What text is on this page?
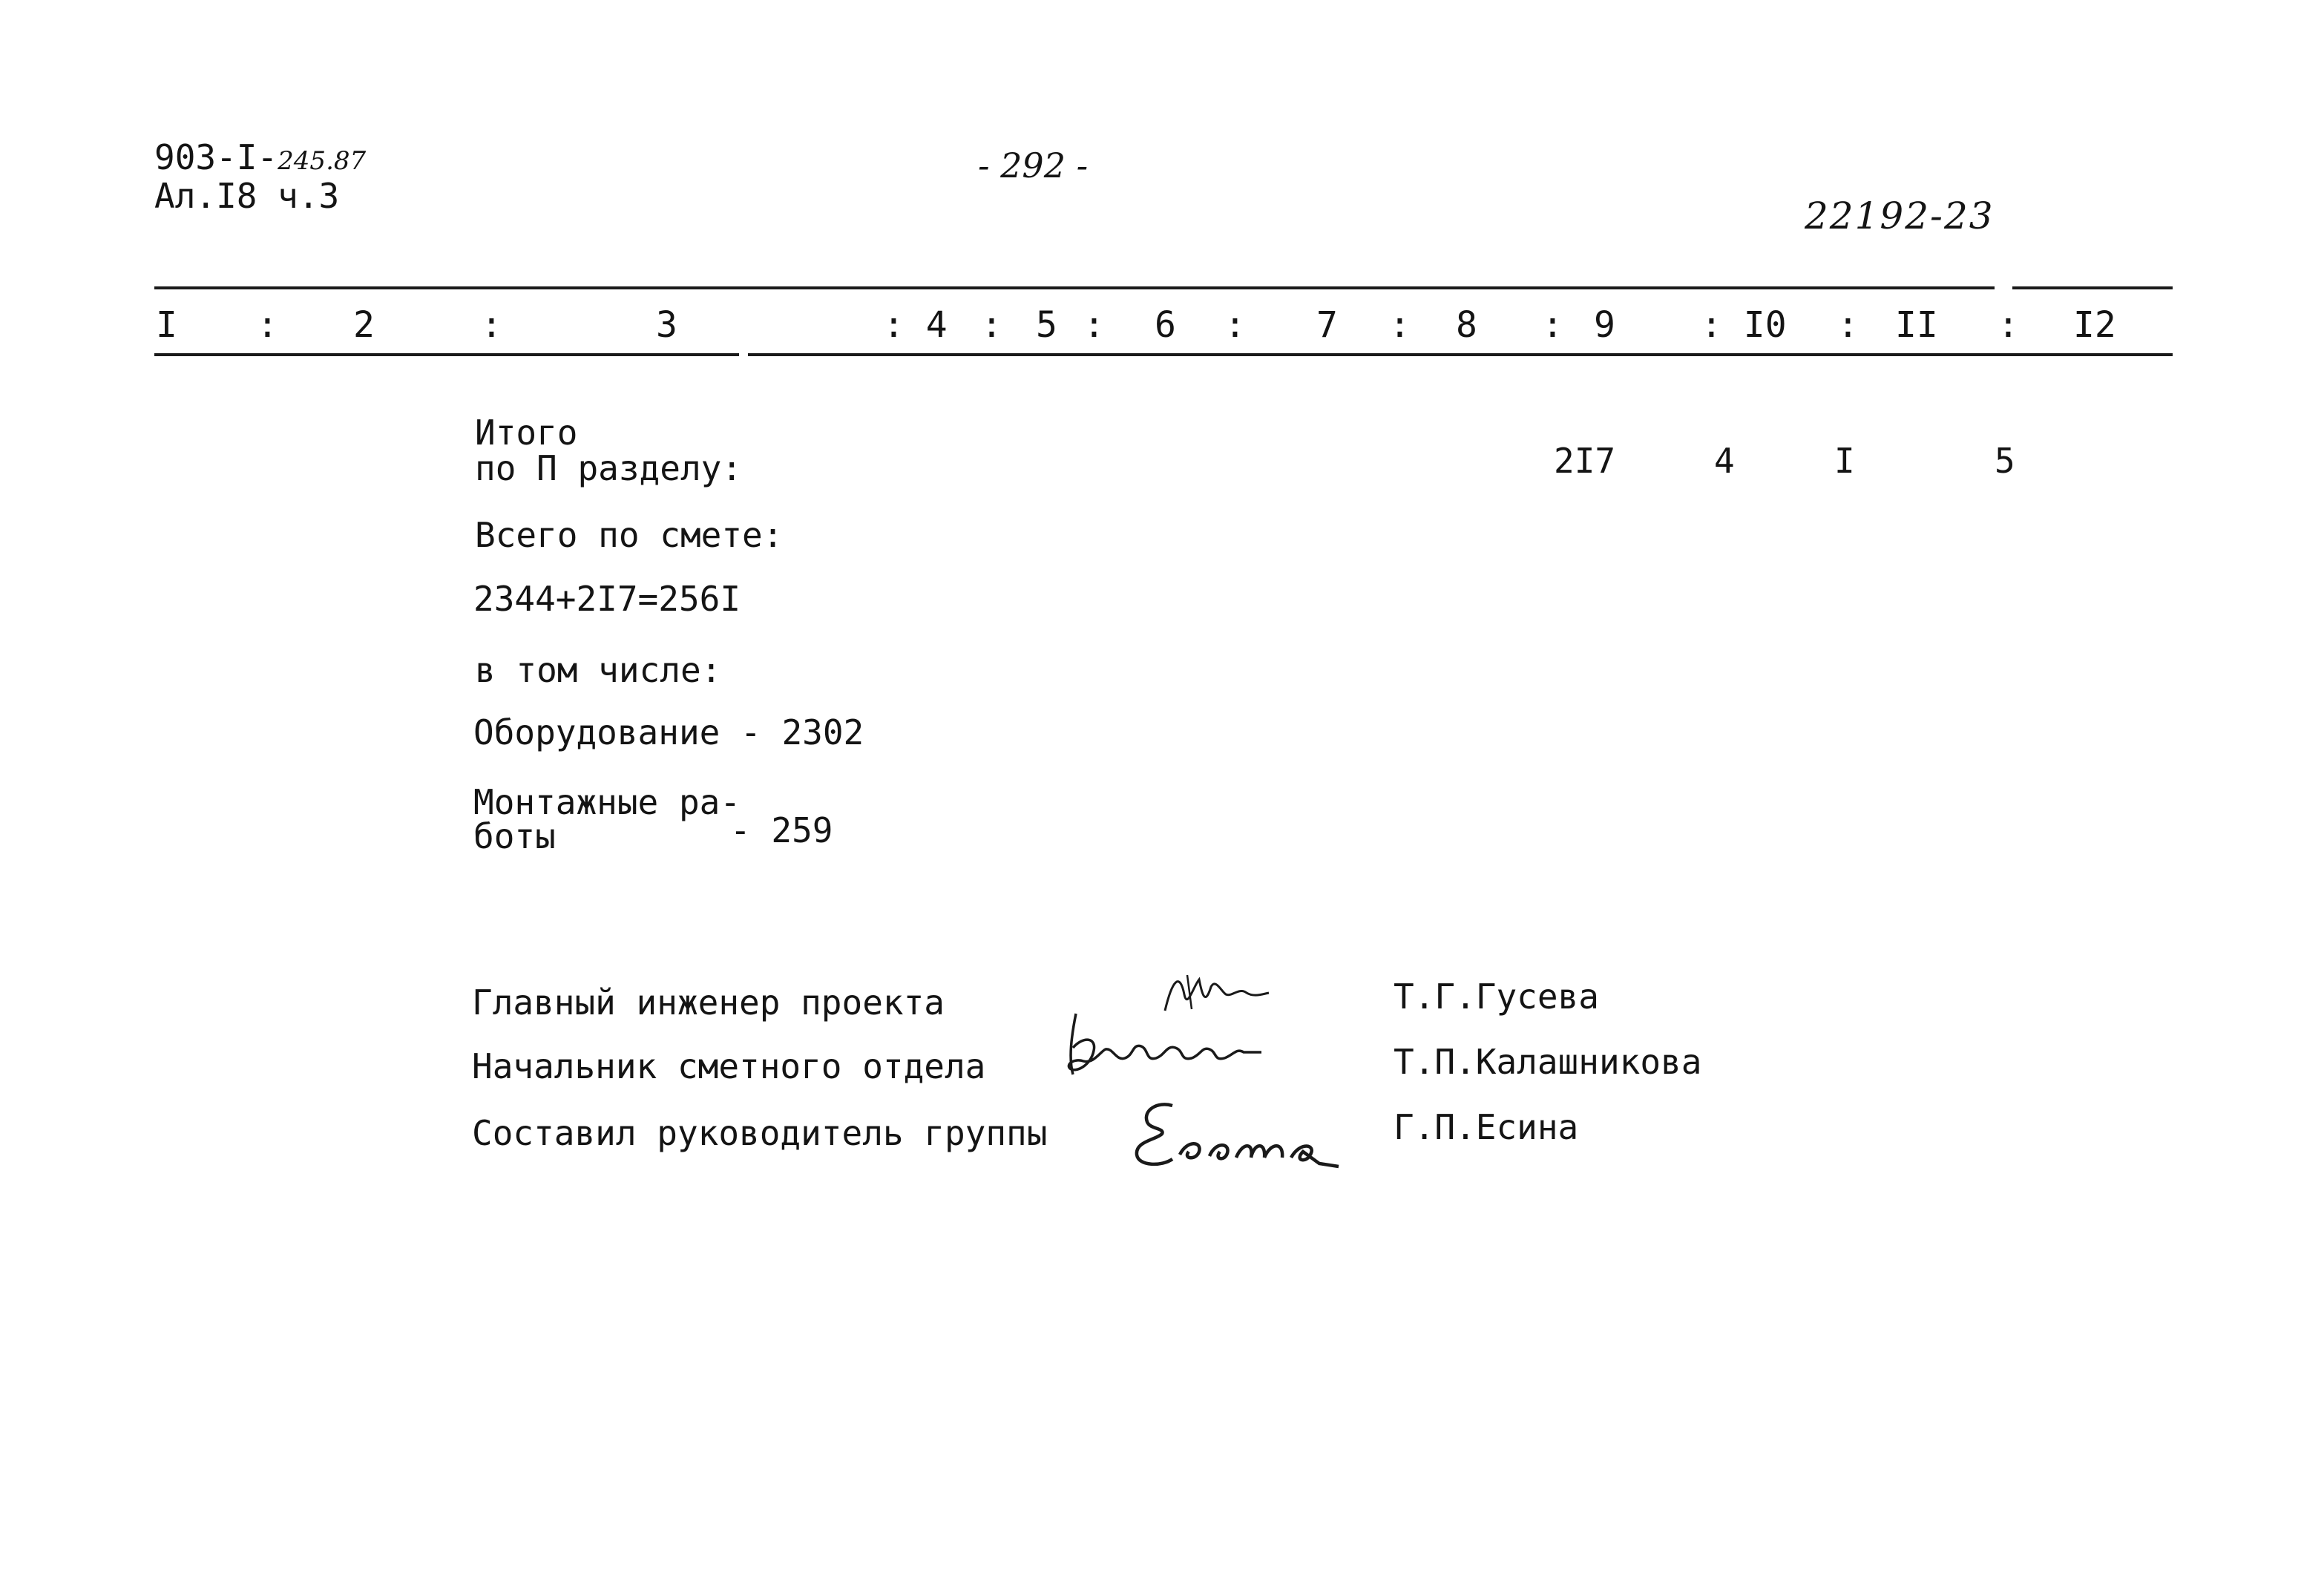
903-I-245.87
Ал.I8 ч.3
- 292 -
22192-23
I : 2	:	3	: 4 : 5 : 6 : 7 : 8 : 9 : I0 : II : I2
Итого
по П разделу:	2I7	4	I	5
Всего по смете:
2344+2I7=256I
в том числе:
Оборудование - 2302
Монтажные ра-
боты	- 259
Главный инженер проекта
Начальник сметного отдела
Составил руководитель группы
Т.Г.Гусева
Т.П.Калашникова
Г.П.Есина
